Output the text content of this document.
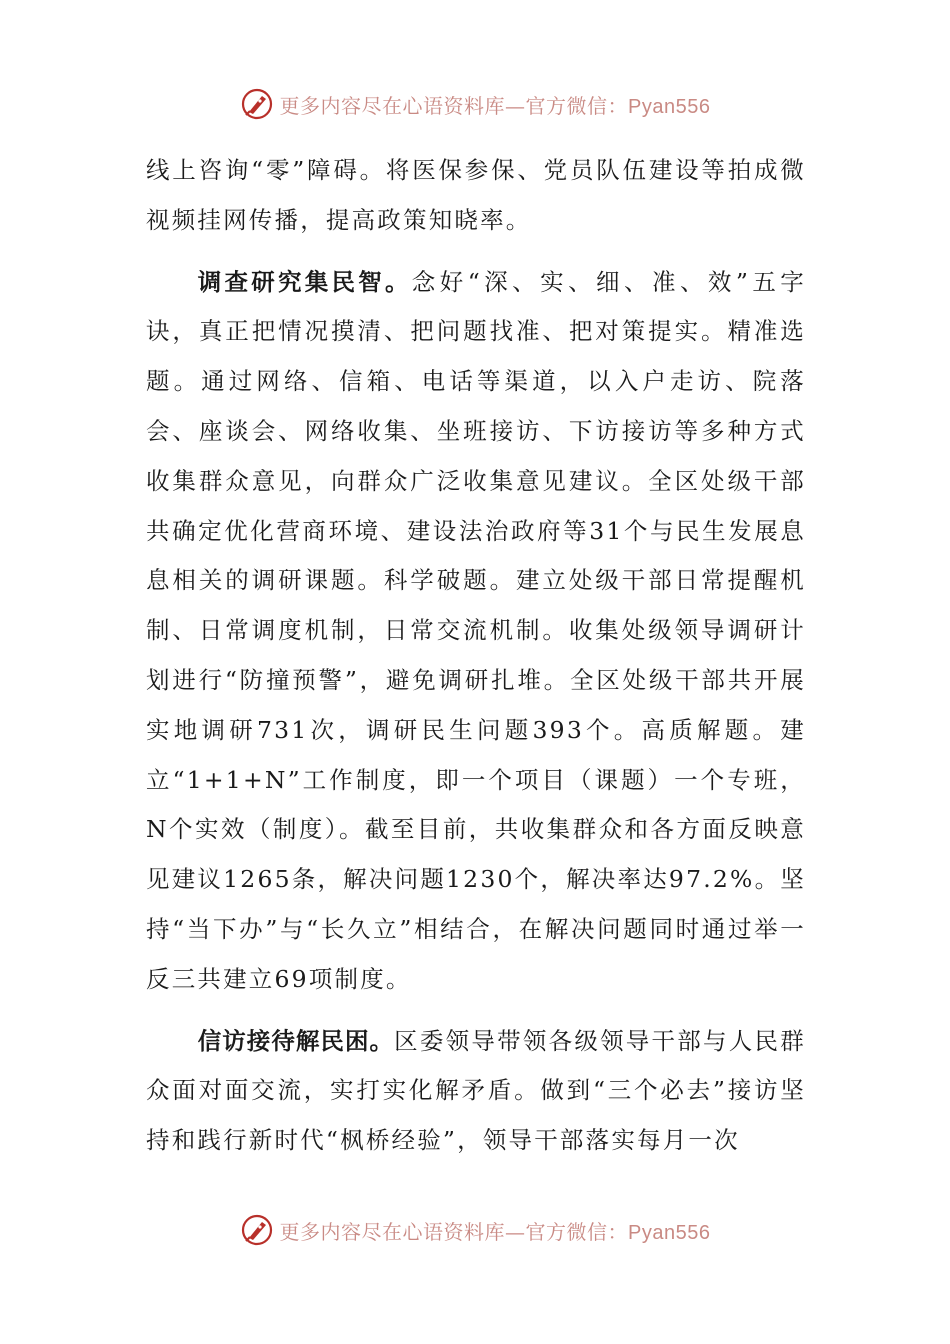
更多内容尽在心语资料库—官方微信：Pyan556

线上咨询“零”障碍。将医保参保、党员队伍建设等拍成微视频挂网传播，提高政策知晓率。

调查研究集民智。念好“深、实、细、准、效”五字诀，真正把情况摸清、把问题找准、把对策提实。精准选题。通过网络、信箱、电话等渠道，以入户走访、院落会、座谈会、网络收集、坐班接访、下访接访等多种方式收集群众意见，向群众广泛收集意见建议。全区处级干部共确定优化营商环境、建设法治政府等31个与民生发展息息相关的调研课题。科学破题。建立处级干部日常提醒机制、日常调度机制，日常交流机制。收集处级领导调研计划进行“防撞预警”，避免调研扎堆。全区处级干部共开展实地调研731次，调研民生问题393个。高质解题。建立“1+1+N”工作制度，即一个项目（课题）一个专班，N个实效（制度）。截至目前，共收集群众和各方面反映意见建议1265条，解决问题1230个，解决率达97.2%。坚持“当下办”与“长久立”相结合，在解决问题同时通过举一反三共建立69项制度。

信访接待解民困。区委领导带领各级领导干部与人民群众面对面交流，实打实化解矛盾。做到“三个必去”接访坚持和践行新时代“枫桥经验”，领导干部落实每月一次

更多内容尽在心语资料库—官方微信：Pyan556
